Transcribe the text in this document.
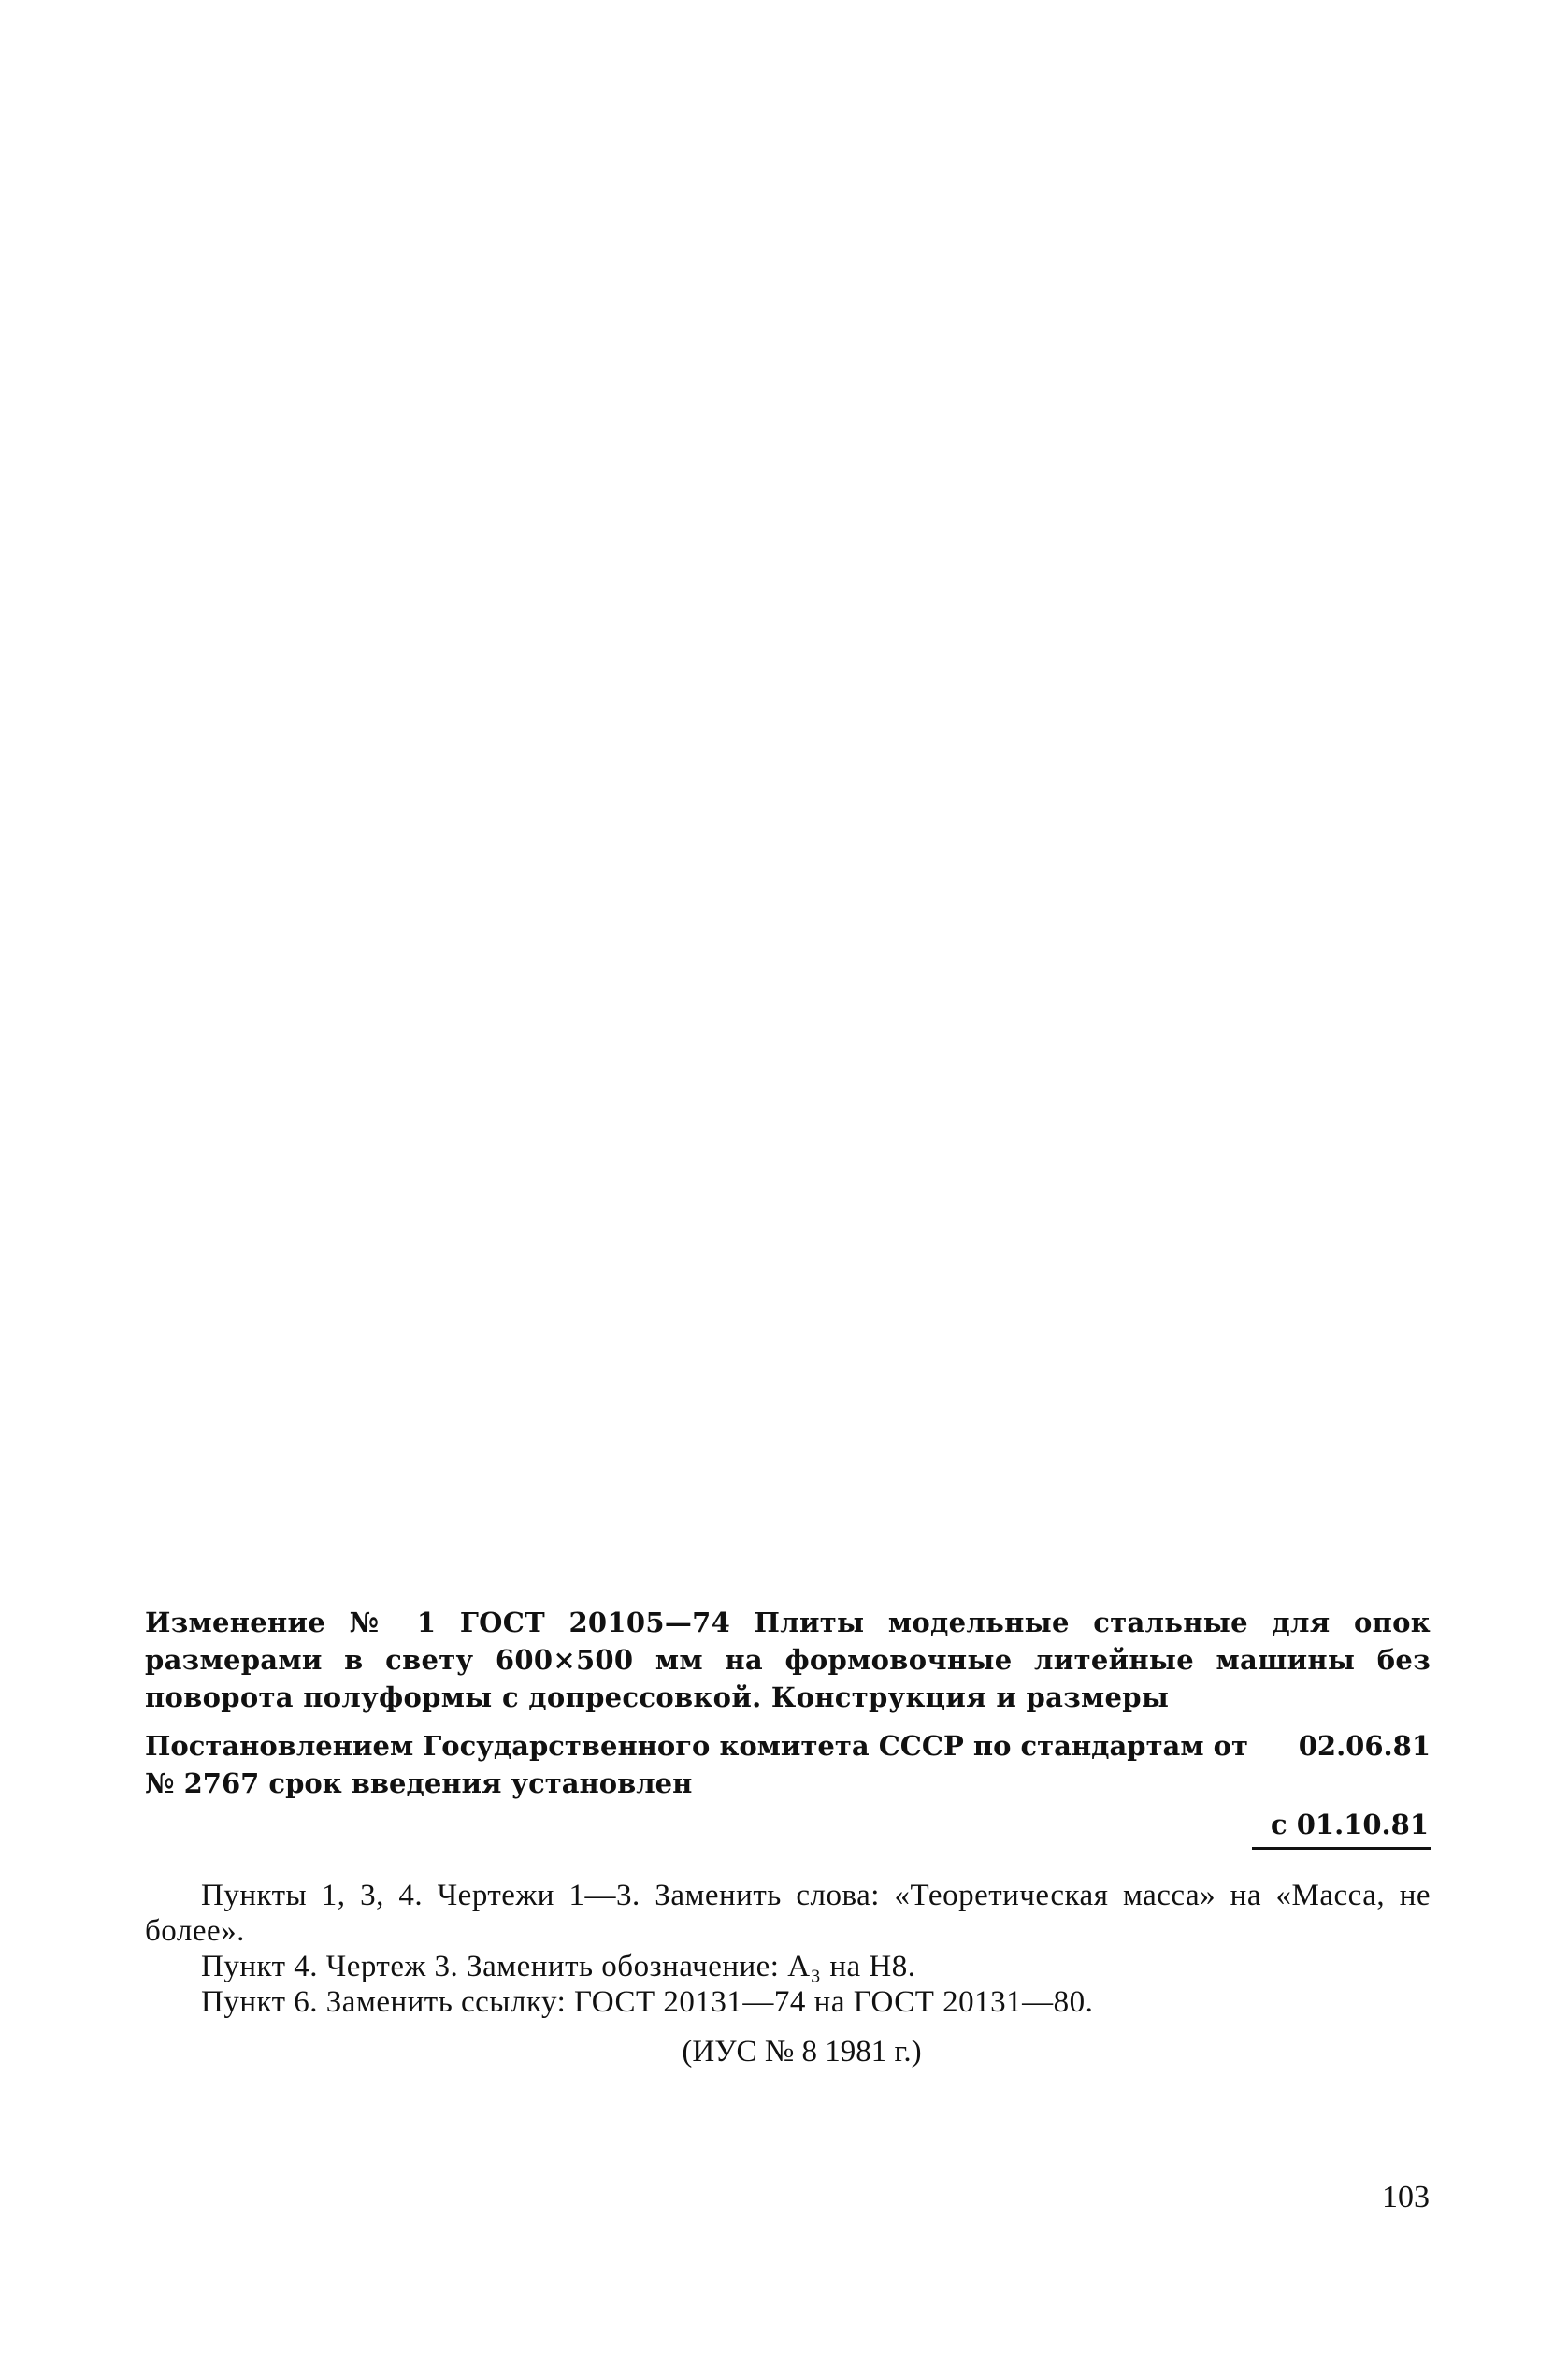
Изменение № 1 ГОСТ 20105—74 Плиты модельные стальные для опок размерами в свету 600×500 мм на формовочные литейные машины без поворота полуформы с допрессовкой. Конструкция и размеры

Постановлением Государственного комитета СССР по стандартам от 02.06.81
№ 2767 срок введения установлен
с 01.10.81

Пункты 1, 3, 4. Чертежи 1—3. Заменить слова: «Теоретическая масса» на «Масса, не более».

Пункт 4. Чертеж 3. Заменить обозначение: A₃ на H8.

Пункт 6. Заменить ссылку: ГОСТ 20131—74 на ГОСТ 20131—80.

(ИУС № 8 1981 г.)
103
